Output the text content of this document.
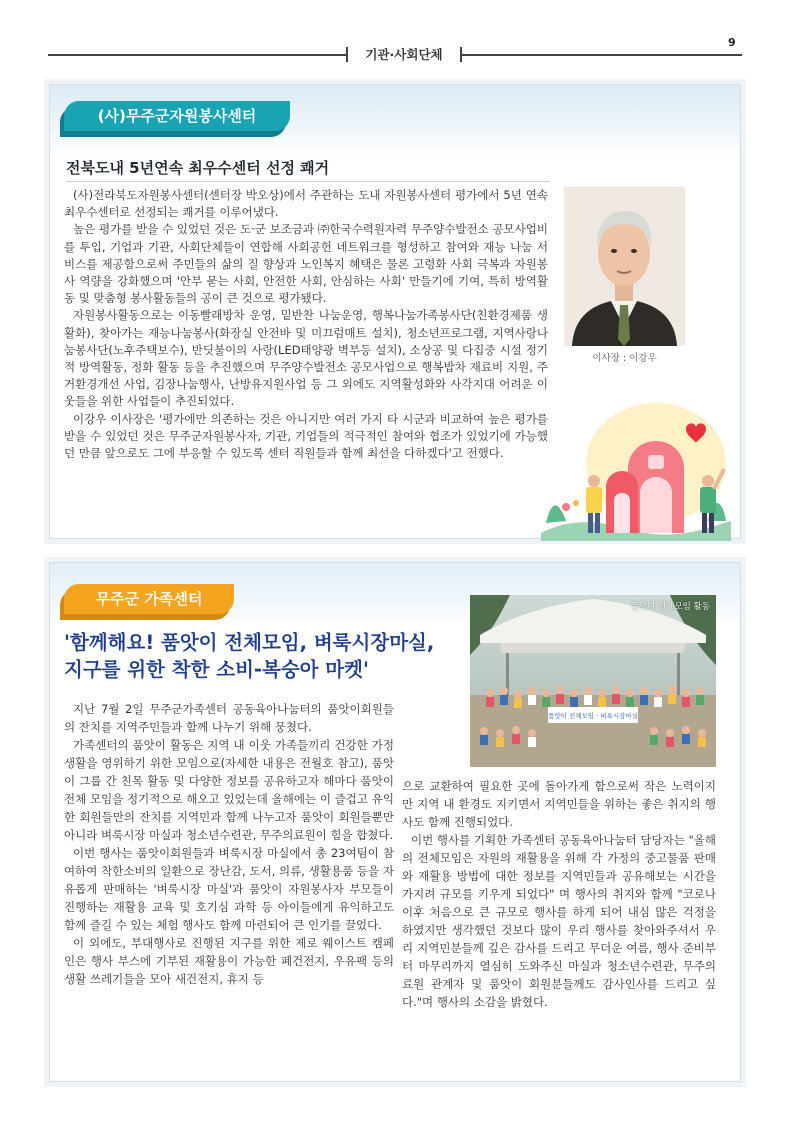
9
기관·사회단체
(사)무주군자원봉사센터
전북도내 5년연속 최우수센터 선정 쾌거

(사)전라북도자원봉사센터(센터장 박오상)에서 주관하는 도내 자원봉사센터 평가에서 5년 연속 최우수센터로 선정되는 쾌거를 이루어냈다.

높은 평가를 받을 수 있었던 것은 도·군 보조금과 ㈜한국수력원자력 무주양수발전소 공모사업비를 투입, 기업과 기관, 사회단체들이 연합해 사회공헌 네트워크를 형성하고 참여와 재능 나눔 서비스를 제공함으로써 주민들의 삶의 질 향상과 노인복지 혜택은 물론 고령화 사회 극복과 자원봉사 역량을 강화했으며 '안부 묻는 사회, 안전한 사회, 안심하는 사회' 만들기에 기여, 특히 방역활동 및 맞춤형 봉사활동들의 공이 큰 것으로 평가됐다.

자원봉사활동으로는 이동빨래방차 운영, 밑반찬 나눔운영, 행복나눔가족봉사단(친환경제품 생활화), 찾아가는 재능나눔봉사(화장실 안전바 및 미끄럼매트 설치), 청소년프로그램, 지역사랑나눔봉사단(노후주택보수), 반딧불이의 사랑(LED태양광 벽부등 설치), 소상공 및 다집중 시설 정기적 방역활동, 정화 활동 등을 추진했으며 무주양수발전소 공모사업으로 행복밥차 재료비 지원, 주거환경개선 사업, 김장나눔행사, 난방유지원사업 등 그 외에도 지역활성화와 사각지대 어려운 이웃들을 위한 사업들이 추진되었다.

이강우 이사장은 '평가에만 의존하는 것은 아니지만 여러 가지 타 시군과 비교하여 높은 평가를 받을 수 있었던 것은 무주군자원봉사자, 기관, 기업들의 적극적인 참여와 협조가 있었기에 가능했던 만큼 앞으로도 그에 부응할 수 있도록 센터 직원들과 함께 최선을 다하겠다'고 전했다.

이사장 : 이강우
무주군 가족센터
'함께해요! 품앗이 전체모임, 벼룩시장마실,
지구를 위한 착한 소비-복숭아 마켓'
품앗이 전체모임 · 벼룩시장마실
품앗이 전체모임 활동

지난 7월 2일 무주군가족센터 공동육아나눔터의 품앗이회원들의 잔치를 지역주민들과 함께 나누기 위해 뭉쳤다.

가족센터의 품앗이 활동은 지역 내 이웃 가족들끼리 건강한 가정생활을 영위하기 위한 모임으로(자세한 내용은 전월호 참고), 품앗이 그룹 간 친목 활동 및 다양한 정보를 공유하고자 해마다 품앗이 전체 모임을 정기적으로 해오고 있었는데 올해에는 이 즐겁고 유익한 회원들만의 잔치를 지역민과 함께 나누고자 품앗이 회원들뿐만 아니라 벼룩시장 마실과 청소년수련관, 무주의료원이 힘을 합쳤다.

이번 행사는 품앗이회원들과 벼룩시장 마실에서 총 23여팀이 참여하여 착한소비의 일환으로 장난감, 도서, 의류, 생활용품 등을 자유롭게 판매하는 '벼룩시장 마실'과 품앗이 자원봉사자 부모들이 진행하는 재활용 교육 및 호기심 과학 등 아이들에게 유익하고도 함께 즐길 수 있는 체험 행사도 함께 마련되어 큰 인기를 끌었다.

이 외에도, 부대행사로 진행된 지구를 위한 제로 웨이스트 캠페인은 행사 부스에 기부된 재활용이 가능한 폐건전지, 우유팩 등의 생활 쓰레기들을 모아 새건전지, 휴지 등

으로 교환하여 필요한 곳에 돌아가게 함으로써 작은 노력이지만 지역 내 환경도 지키면서 지역민들을 위하는 좋은 취지의 행사도 함께 진행되었다.

이번 행사를 기획한 가족센터 공동육아나눔터 담당자는 "올해의 전체모임은 자원의 재활용을 위해 각 가정의 중고물품 판매와 재활용 방법에 대한 정보를 지역민들과 공유해보는 시간을 가지려 규모를 키우게 되었다" 며 행사의 취지와 함께 "코로나 이후 처음으로 큰 규모로 행사를 하게 되어 내심 많은 걱정을 하였지만 생각했던 것보다 많이 우리 행사를 찾아와주셔서 우리 지역민분들께 깊은 감사를 드리고 무더운 여름, 행사 준비부터 마무리까지 열심히 도와주신 마실과 청소년수련관, 무주의료원 관계자 및 품앗이 회원분들께도 감사인사를 드리고 싶다."며 행사의 소감을 밝혔다.
